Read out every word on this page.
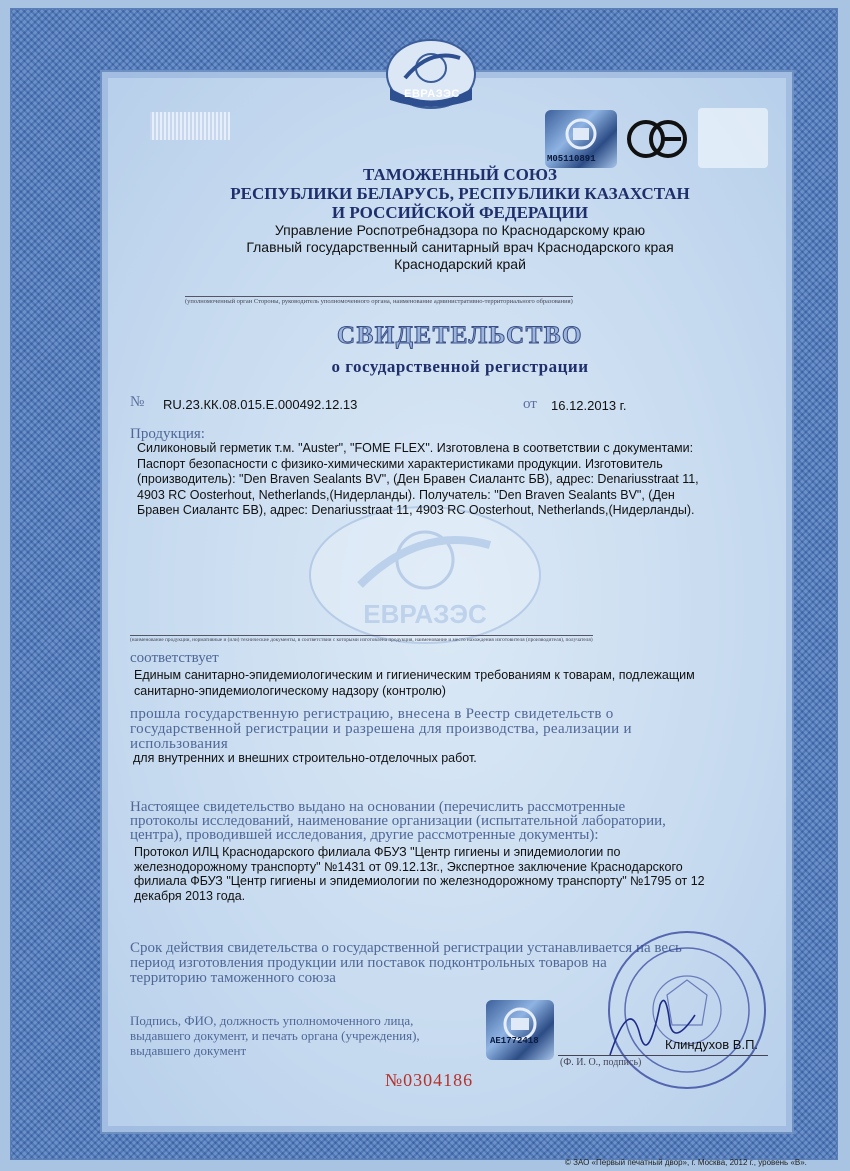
ЕВРАЗЭС
ЕВРАЗЭС
M05110891
ТАМОЖЕННЫЙ СОЮЗ
РЕСПУБЛИКИ БЕЛАРУСЬ, РЕСПУБЛИКИ КАЗАХСТАН
И РОССИЙСКОЙ ФЕДЕРАЦИИ
Управление Роспотребнадзора по Краснодарскому краю
Главный государственный санитарный врач Краснодарского края
Краснодарский край
(уполномоченный орган Стороны, руководитель уполномоченного органа, наименование административно-территориального образования)
СВИДЕТЕЛЬСТВО
о государственной регистрации
№ RU.23.КК.08.015.Е.000492.12.13	от 16.12.2013 г.
Продукция:
Силиконовый герметик т.м. "Auster", "FOME FLEX". Изготовлена в соответствии с документами:
Паспорт безопасности с физико-химическими характеристиками продукции. Изготовитель
(производитель): "Den Braven Sealants BV", (Ден Бравен Сиалантс БВ), адрес: Denariusstraat 11,
4903 RC Oosterhout, Netherlands,(Нидерланды). Получатель: "Den Braven Sealants BV", (Ден
Бравен Сиалантс БВ), адрес: Denariusstraat 11, 4903 RC Oosterhout, Netherlands,(Нидерланды).
(наименование продукции, нормативные и (или) технические документы, в соответствии с которыми изготовлена продукция, наименование и место нахождения изготовителя (производителя), получателя)
соответствует
Единым санитарно-эпидемиологическим и гигиеническим требованиям к товарам, подлежащим
санитарно-эпидемиологическому надзору (контролю)
прошла государственную регистрацию, внесена в Реестр свидетельств о
государственной регистрации и разрешена для производства, реализации и
использования
для внутренних и внешних строительно-отделочных работ.
Настоящее свидетельство выдано на основании (перечислить рассмотренные
протоколы исследований, наименование организации (испытательной лаборатории,
центра), проводившей исследования, другие рассмотренные документы):
Протокол ИЛЦ Краснодарского филиала ФБУЗ "Центр гигиены и эпидемиологии по
железнодорожному транспорту" №1431 от 09.12.13г., Экспертное заключение Краснодарского
филиала ФБУЗ "Центр гигиены и эпидемиологии по железнодорожному транспорту" №1795 от 12
декабря 2013 года.
Срок действия свидетельства о государственной регистрации устанавливается на весь
период изготовления продукции или поставок подконтрольных товаров на
территорию таможенного союза
Подпись, ФИО, должность уполномоченного лица,
выдавшего документ, и печать органа (учреждения),
выдавшего документ
AE1772418	Клиндухов В.П.
(Ф. И. О., подпись)
№0304186
© ЗАО «Первый печатный двор», г. Москва, 2012 г., уровень «В».
